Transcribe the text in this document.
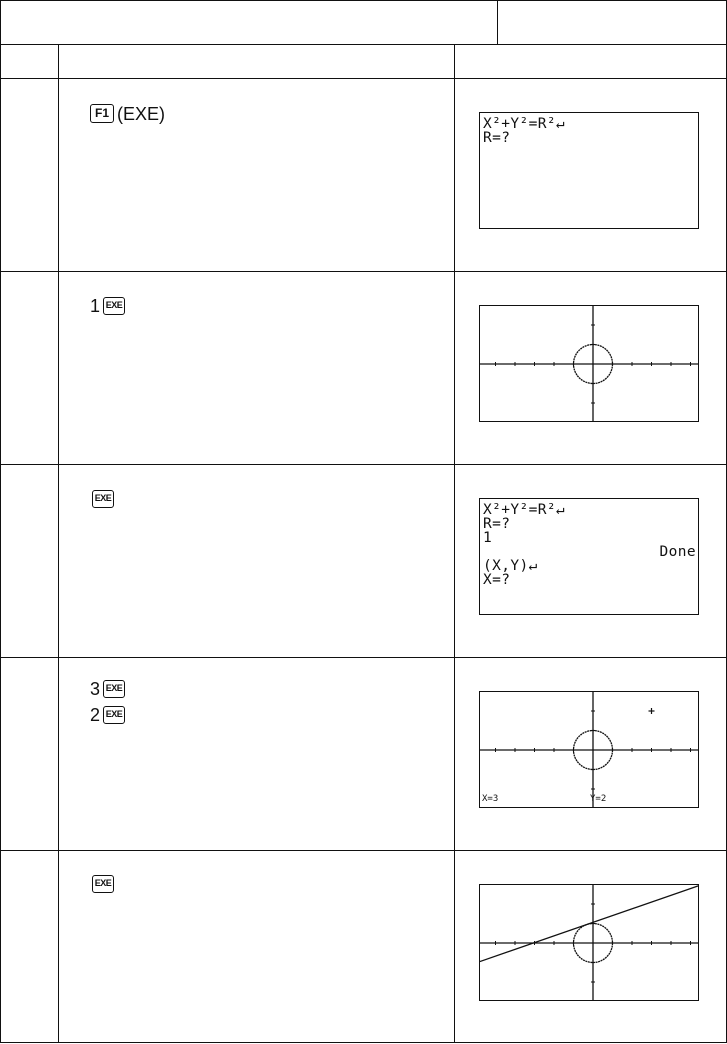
F1 (EXE)
X²+Y²=R²↵
R=?
1 EXE
EXE
X²+Y²=R²↵
R=?
1
Done
(X,Y)↵
X=?
3 EXE
2 EXE
X=3	Y=2
EXE
